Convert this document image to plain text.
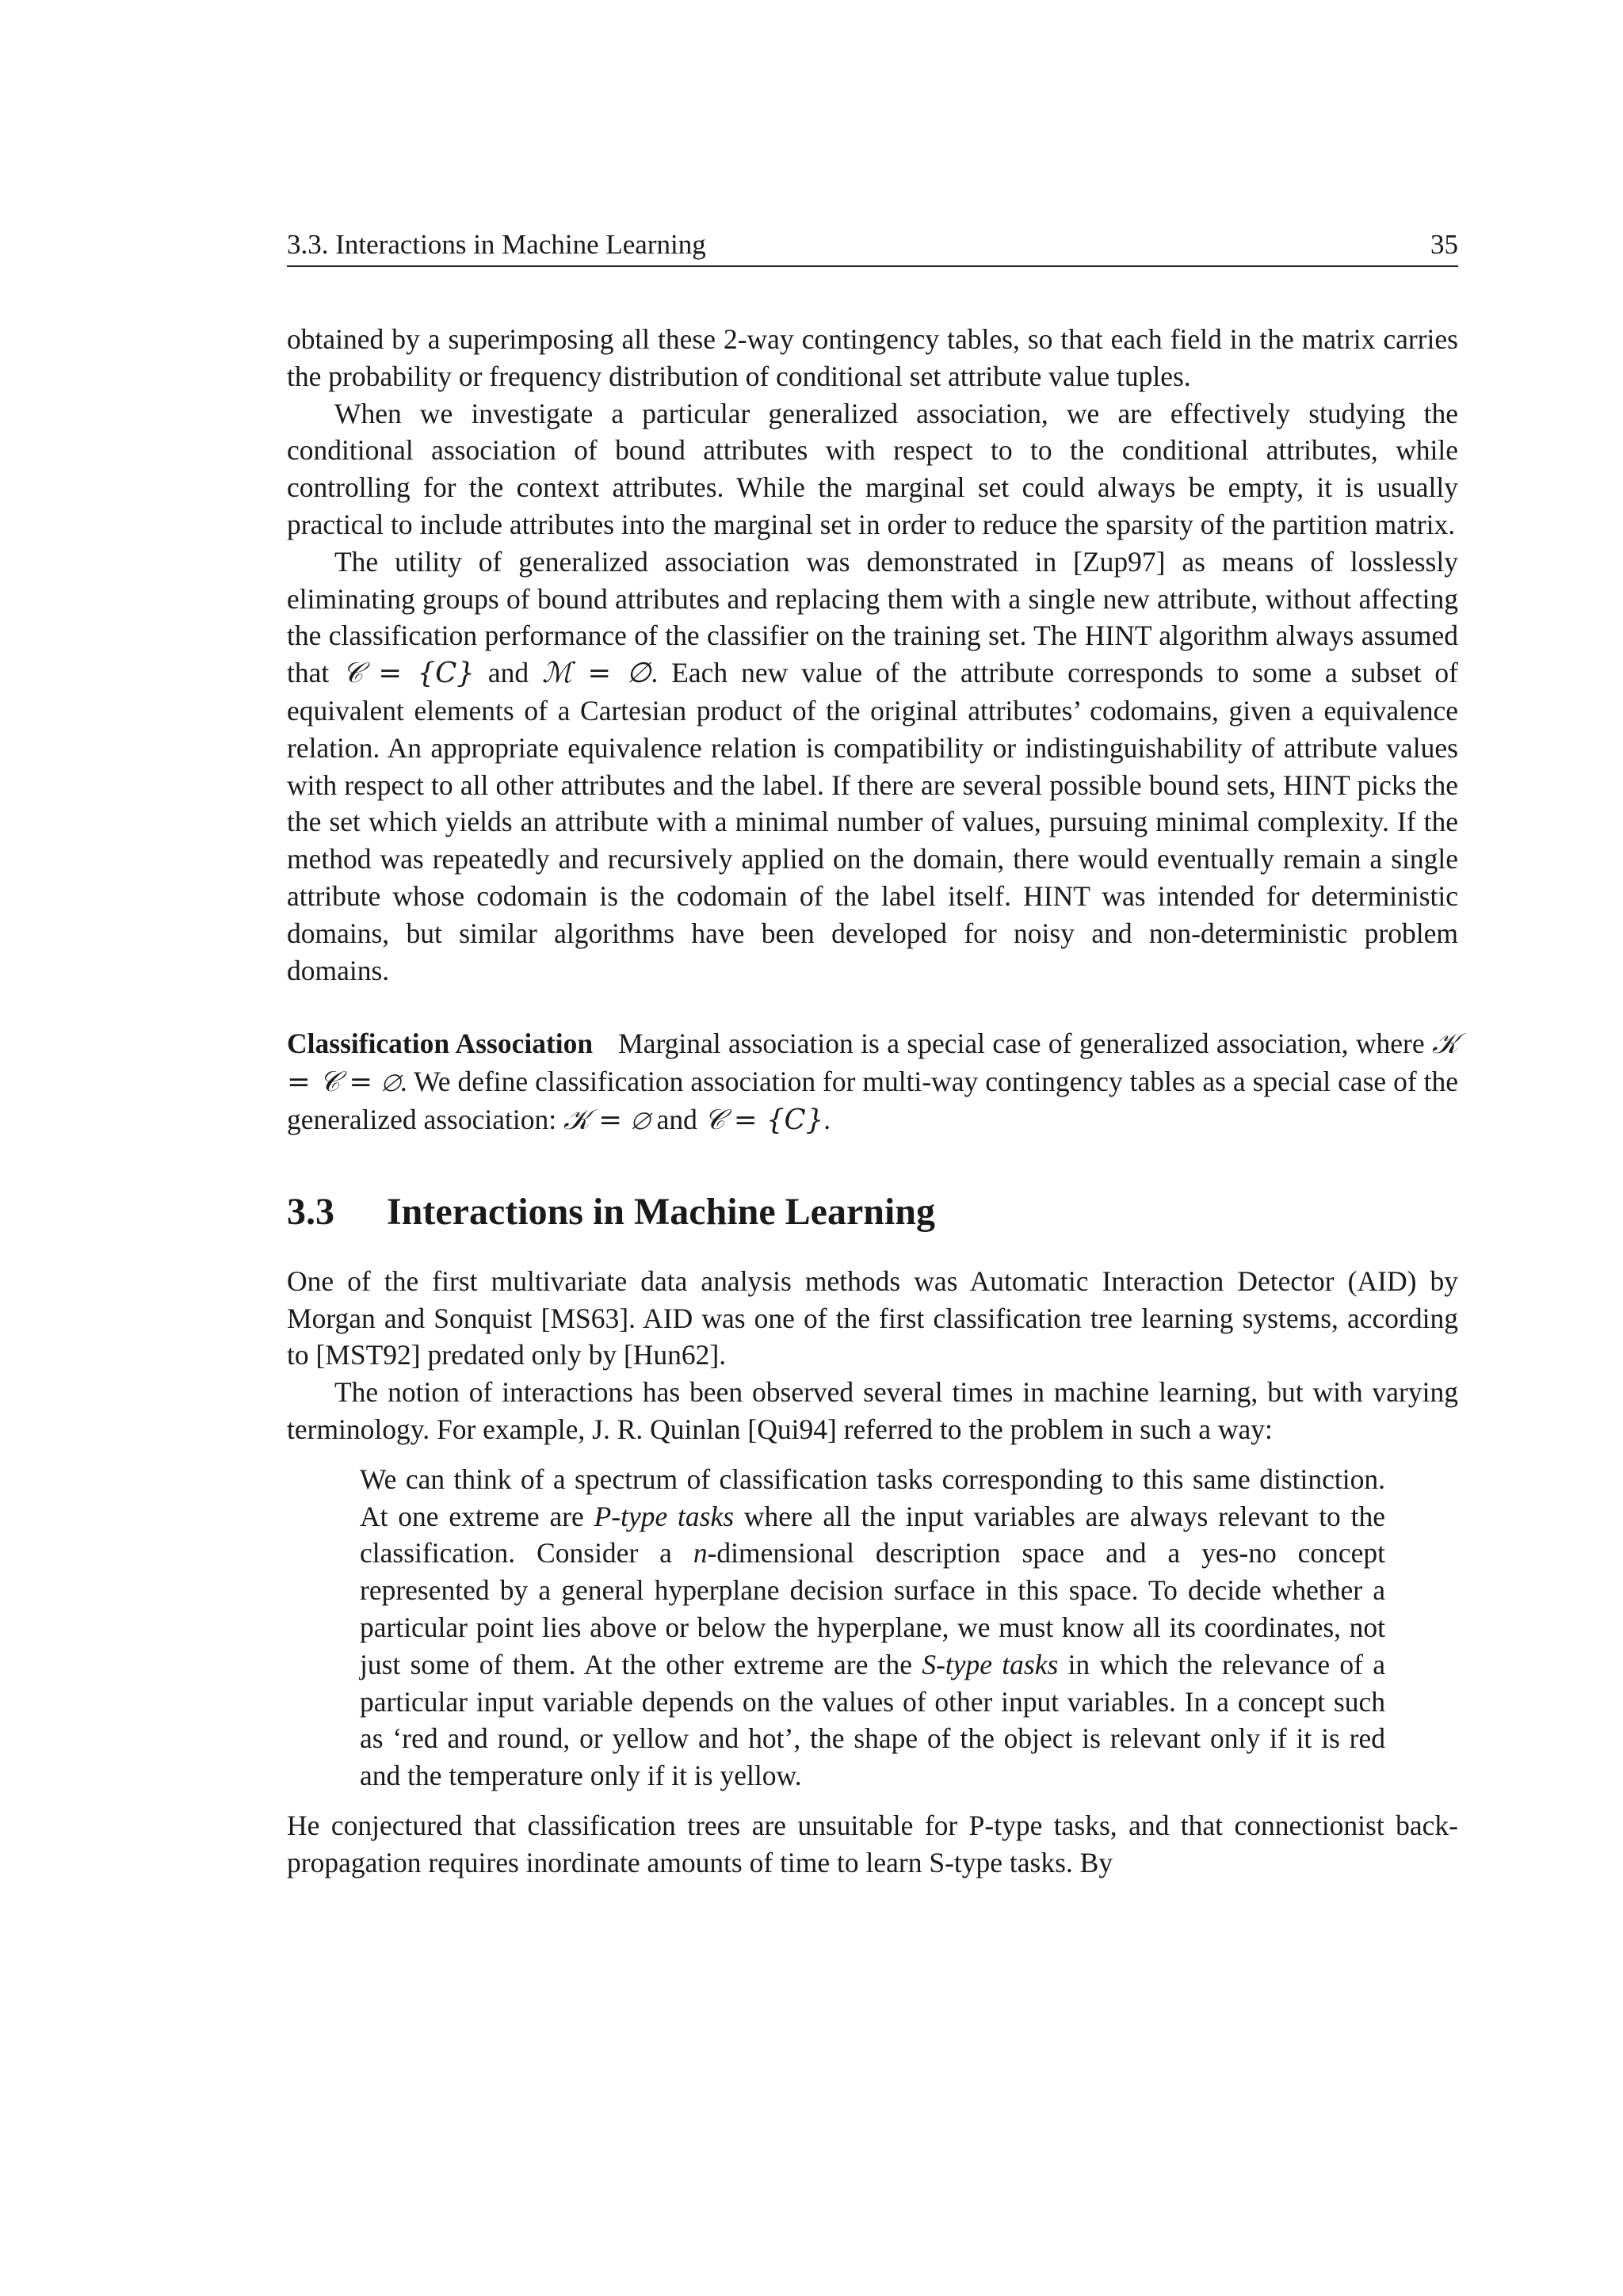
3.3. Interactions in Machine Learning	35

obtained by a superimposing all these 2-way contingency tables, so that each field in the matrix carries the probability or frequency distribution of conditional set attribute value tuples.

When we investigate a particular generalized association, we are effectively studying the conditional association of bound attributes with respect to to the conditional attributes, while controlling for the context attributes. While the marginal set could always be empty, it is usually practical to include attributes into the marginal set in order to reduce the sparsity of the partition matrix.

The utility of generalized association was demonstrated in [Zup97] as means of losslessly eliminating groups of bound attributes and replacing them with a single new attribute, without affecting the classification performance of the classifier on the training set. The HINT algorithm always assumed that 𝒞 = {C} and ℳ = ∅. Each new value of the attribute corresponds to some a subset of equivalent elements of a Cartesian product of the original attributes’ codomains, given a equivalence relation. An appropriate equivalence relation is compatibility or indistinguishability of attribute values with respect to all other attributes and the label. If there are several possible bound sets, HINT picks the the set which yields an attribute with a minimal number of values, pursuing minimal complexity. If the method was repeatedly and recursively applied on the domain, there would eventually remain a single attribute whose codomain is the codomain of the label itself. HINT was intended for deterministic domains, but similar algorithms have been developed for noisy and non-deterministic problem domains.

Classification Association Marginal association is a special case of generalized association, where 𝒦 = 𝒞 = ∅. We define classification association for multi-way contingency tables as a special case of the generalized association: 𝒦 = ∅ and 𝒞 = {C}.

3.3 Interactions in Machine Learning

One of the first multivariate data analysis methods was Automatic Interaction Detector (AID) by Morgan and Sonquist [MS63]. AID was one of the first classification tree learning systems, according to [MST92] predated only by [Hun62].

The notion of interactions has been observed several times in machine learning, but with varying terminology. For example, J. R. Quinlan [Qui94] referred to the problem in such a way:

We can think of a spectrum of classification tasks corresponding to this same distinction. At one extreme are P-type tasks where all the input variables are always relevant to the classification. Consider a n-dimensional description space and a yes-no concept represented by a general hyperplane decision surface in this space. To decide whether a particular point lies above or below the hyperplane, we must know all its coordinates, not just some of them. At the other extreme are the S-type tasks in which the relevance of a particular input variable depends on the values of other input variables. In a concept such as ‘red and round, or yellow and hot’, the shape of the object is relevant only if it is red and the temperature only if it is yellow.

He conjectured that classification trees are unsuitable for P-type tasks, and that connectionist back-propagation requires inordinate amounts of time to learn S-type tasks. By
